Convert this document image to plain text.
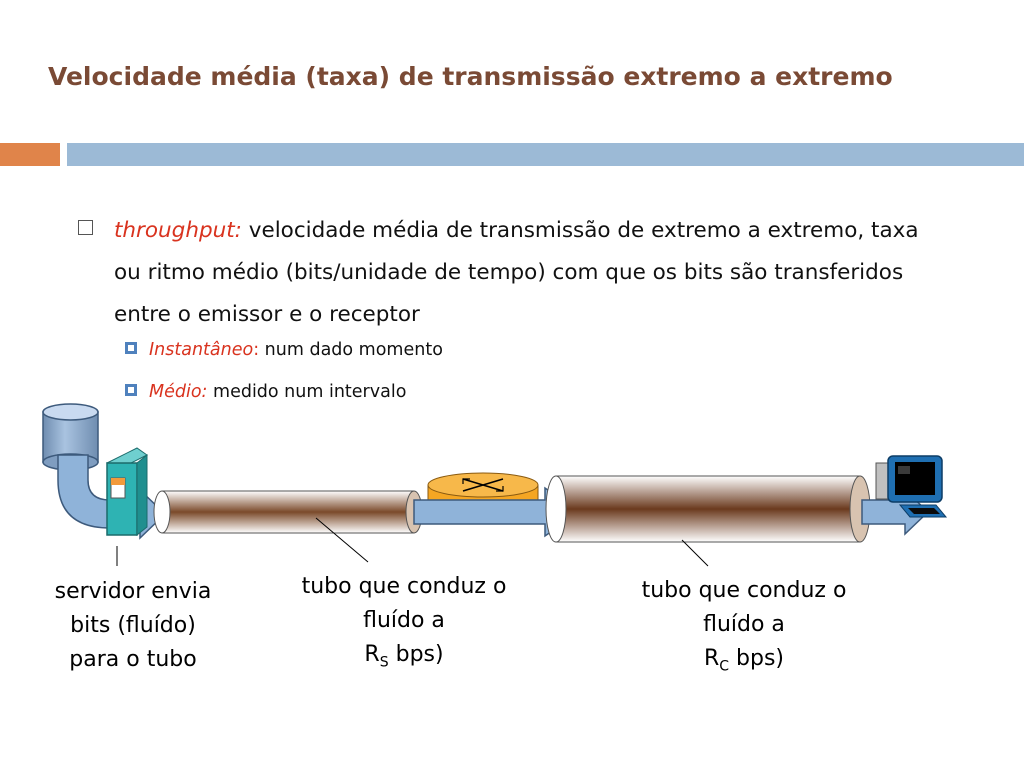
Velocidade média (taxa) de transmissão extremo a extremo
throughput: velocidade média de transmissão de extremo a extremo, taxa ou ritmo médio (bits/unidade de tempo) com que os bits são transferidos entre o emissor e o receptor
Instantâneo: num dado momento
Médio: medido num intervalo
servidor envia
bits (fluído)
para o tubo
tubo que conduz o
fluído a
$R_S$ bps)
tubo que conduz o
fluído a
$R_C$ bps)
